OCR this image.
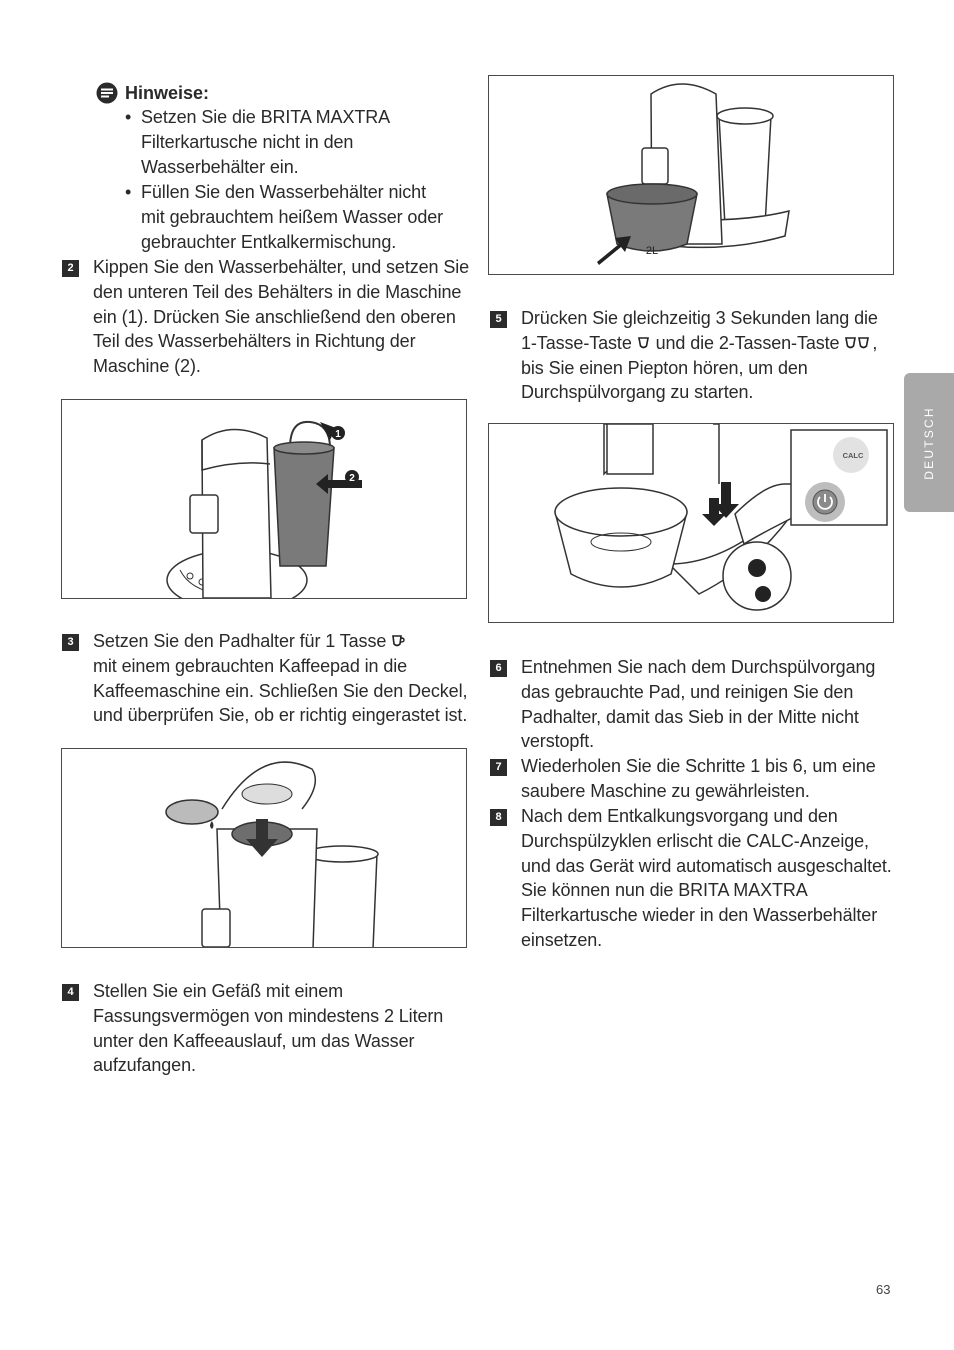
Hinweise:
• Setzen Sie die BRITA MAXTRA
Filterkartusche nicht in den
Wasserbehälter ein.
• Füllen Sie den Wasserbehälter nicht
mit gebrauchtem heißem Wasser oder
gebrauchter Entkalkermischung.
2	Kippen Sie den Wasserbehälter, und setzen Sie
den unteren Teil des Behälters in die Maschine
ein (1). Drücken Sie anschließend den oberen
Teil des Wasserbehälters in Richtung der
Maschine (2).
1
2
3	Setzen Sie den Padhalter für 1 Tasse
mit einem gebrauchten Kaffeepad in die
Kaffeemaschine ein. Schließen Sie den Deckel,
und überprüfen Sie, ob er richtig eingerastet ist.
4	Stellen Sie ein Gefäß mit einem
Fassungsvermögen von mindestens 2 Litern
unter den Kaffeeauslauf, um das Wasser
aufzufangen.
2L
5	Drücken Sie gleichzeitig 3 Sekunden lang die
1-Tasse-Taste und die 2-Tassen-Taste ,
bis Sie einen Piepton hören, um den
Durchspülvorgang zu starten.
CALC
6	Entnehmen Sie nach dem Durchspülvorgang
das gebrauchte Pad, und reinigen Sie den
Padhalter, damit das Sieb in der Mitte nicht
verstopft.
7	Wiederholen Sie die Schritte 1 bis 6, um eine
saubere Maschine zu gewährleisten.
8	Nach dem Entkalkungsvorgang und den
Durchspülzyklen erlischt die CALC-Anzeige,
und das Gerät wird automatisch ausgeschaltet.
Sie können nun die BRITA MAXTRA
Filterkartusche wieder in den Wasserbehälter
einsetzen.
DEUTSCH
63
